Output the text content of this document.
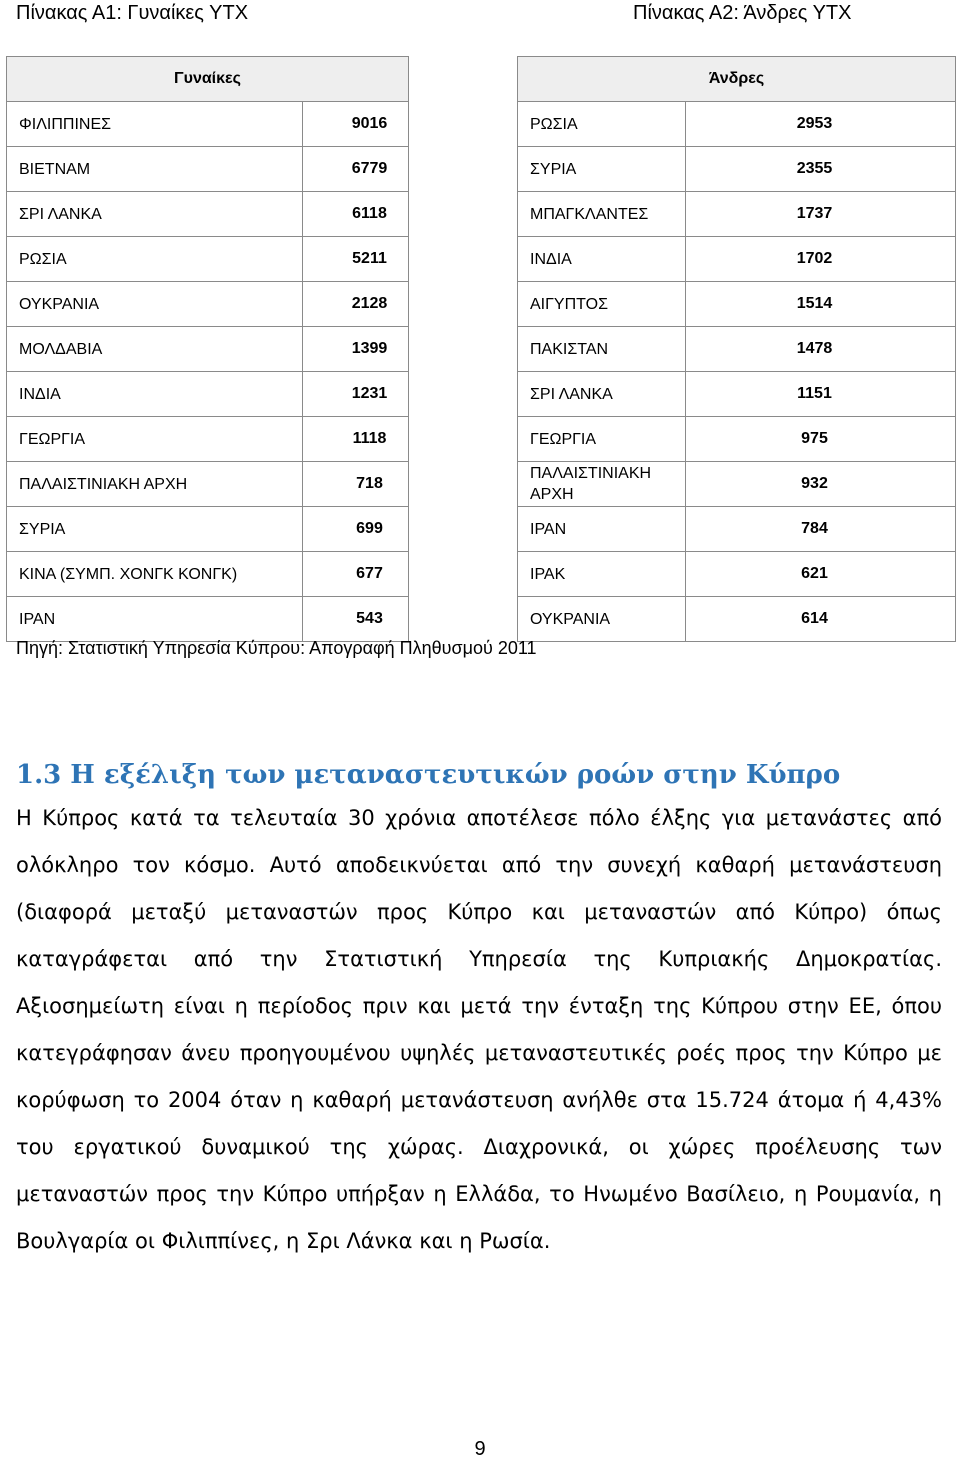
Πίνακας Α1: Γυναίκες ΥΤΧ	Πίνακας Α2: Άνδρες ΥΤΧ
Γυναίκες	
ΦΙΛΙΠΠΙΝΕΣ	9016
ΒΙΕΤΝΑΜ	6779
ΣΡΙ ΛΑΝΚΑ	6118
ΡΩΣΙΑ	5211
ΟΥΚΡΑΝΙΑ	2128
ΜΟΛΔΑΒΙΑ	1399
ΙΝΔΙΑ	1231
ΓΕΩΡΓΙΑ	1118
ΠΑΛΑΙΣΤΙΝΙΑΚΗ ΑΡΧΗ	718
ΣΥΡΙΑ	699
ΚΙΝΑ (ΣΥΜΠ. ΧΟΝΓΚ ΚΟΝΓΚ)	677
ΙΡΑΝ	543
Άνδρες	
ΡΩΣΙΑ	2953
ΣΥΡΙΑ	2355
ΜΠΑΓΚΛΑΝΤΕΣ	1737
ΙΝΔΙΑ	1702
ΑΙΓΥΠΤΟΣ	1514
ΠΑΚΙΣΤΑΝ	1478
ΣΡΙ ΛΑΝΚΑ	1151
ΓΕΩΡΓΙΑ	975
ΠΑΛΑΙΣΤΙΝΙΑΚΗ ΑΡΧΗ	932
ΙΡΑΝ	784
ΙΡΑΚ	621
ΟΥΚΡΑΝΙΑ	614
Πηγή: Στατιστική Υπηρεσία Κύπρου: Απογραφή Πληθυσμού 2011
1.3 Η εξέλιξη των μεταναστευτικών ροών στην Κύπρο
Η Κύπρος κατά τα τελευταία 30 χρόνια αποτέλεσε πόλο έλξης για μετανάστες από ολόκληρο τον κόσμο. Αυτό αποδεικνύεται από την συνεχή καθαρή μετανάστευση (διαφορά μεταξύ μεταναστών προς Κύπρο και μεταναστών από Κύπρο) όπως καταγράφεται από την Στατιστική Υπηρεσία της Κυπριακής Δημοκρατίας. Αξιοσημείωτη είναι η περίοδος πριν και μετά την ένταξη της Κύπρου στην ΕΕ, όπου κατεγράφησαν άνευ προηγουμένου υψηλές μεταναστευτικές ροές προς την Κύπρο με κορύφωση το 2004 όταν η καθαρή μετανάστευση ανήλθε στα 15.724 άτομα ή 4,43% του εργατικού δυναμικού της χώρας. Διαχρονικά, οι χώρες προέλευσης των μεταναστών προς την Κύπρο υπήρξαν η Ελλάδα, το Ηνωμένο Βασίλειο, η Ρουμανία, η Βουλγαρία οι Φιλιππίνες, η Σρι Λάνκα και η Ρωσία.
9
